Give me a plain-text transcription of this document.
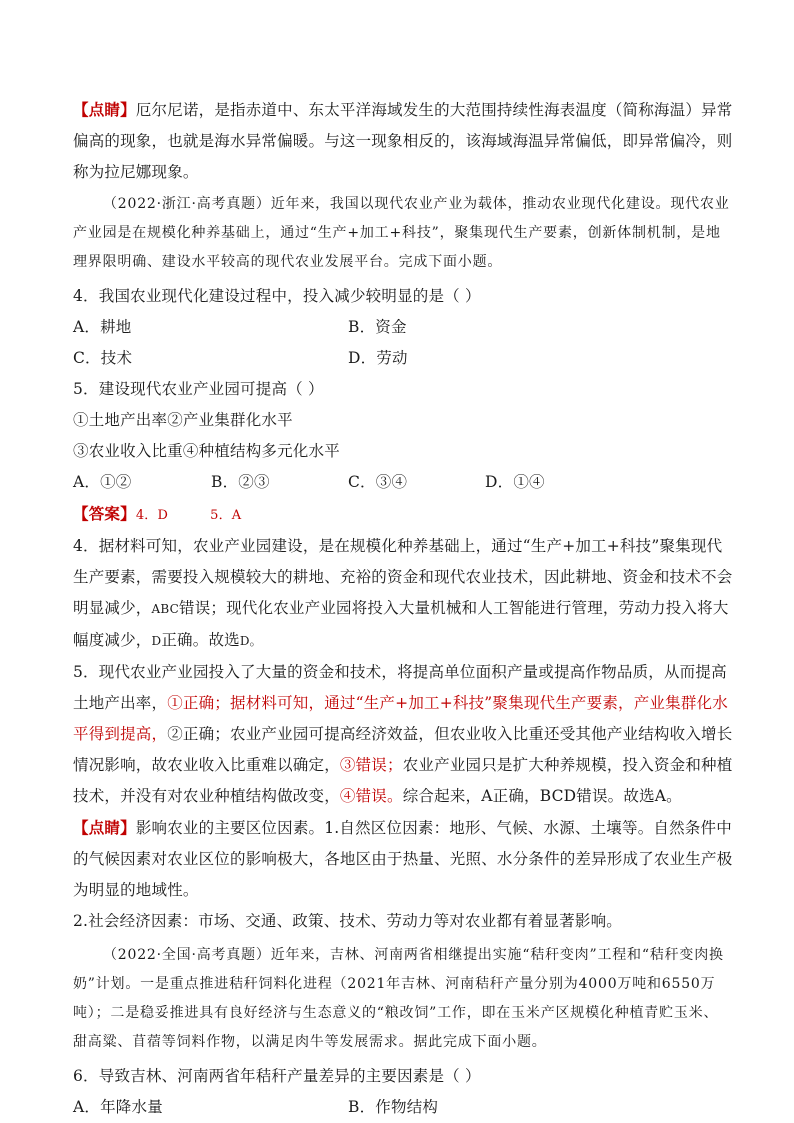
【点睛】厄尔尼诺，是指赤道中、东太平洋海域发生的大范围持续性海表温度（简称海温）异常偏高的现象，也就是海水异常偏暖。与这一现象相反的，该海域海温异常偏低，即异常偏冷，则称为拉尼娜现象。

（2022·浙江·高考真题）近年来，我国以现代农业产业为载体，推动农业现代化建设。现代农业产业园是在规模化种养基础上，通过“生产+加工+科技”，聚集现代生产要素，创新体制机制，是地理界限明确、建设水平较高的现代农业发展平台。完成下面小题。

4．我国农业现代化建设过程中，投入减少较明显的是（ ）

A．耕地	B．资金
C．技术	D．劳动

5．建设现代农业产业园可提高（ ）

①土地产出率②产业集群化水平

③农业收入比重④种植结构多元化水平

A．①②	B．②③	C．③④	D．①④

【答案】4．D	5．A

4．据材料可知，农业产业园建设，是在规模化种养基础上，通过“生产+加工+科技”聚集现代生产要素，需要投入规模较大的耕地、充裕的资金和现代农业技术，因此耕地、资金和技术不会明显减少，ABC错误；现代化农业产业园将投入大量机械和人工智能进行管理，劳动力投入将大幅度减少，D正确。故选D。

5．现代农业产业园投入了大量的资金和技术，将提高单位面积产量或提高作物品质，从而提高土地产出率，①正确；据材料可知，通过“生产+加工+科技”聚集现代生产要素，产业集群化水平得到提高，②正确；农业产业园可提高经济效益，但农业收入比重还受其他产业结构收入增长情况影响，故农业收入比重难以确定，③错误；农业产业园只是扩大种养规模，投入资金和种植技术，并没有对农业种植结构做改变，④错误。综合起来，A正确，BCD错误。故选A。

【点睛】影响农业的主要区位因素。1.自然区位因素：地形、气候、水源、土壤等。自然条件中的气候因素对农业区位的影响极大，各地区由于热量、光照、水分条件的差异形成了农业生产极为明显的地域性。

2.社会经济因素：市场、交通、政策、技术、劳动力等对农业都有着显著影响。

（2022·全国·高考真题）近年来，吉林、河南两省相继提出实施“秸秆变肉”工程和“秸秆变肉换奶”计划。一是重点推进秸秆饲料化进程（2021年吉林、河南秸秆产量分别为4000万吨和6550万吨）；二是稳妥推进具有良好经济与生态意义的“粮改饲”工作，即在玉米产区规模化种植青贮玉米、甜高粱、苜蓿等饲料作物，以满足肉牛等发展需求。据此完成下面小题。

6．导致吉林、河南两省年秸秆产量差异的主要因素是（ ）

A．年降水量	B．作物结构
